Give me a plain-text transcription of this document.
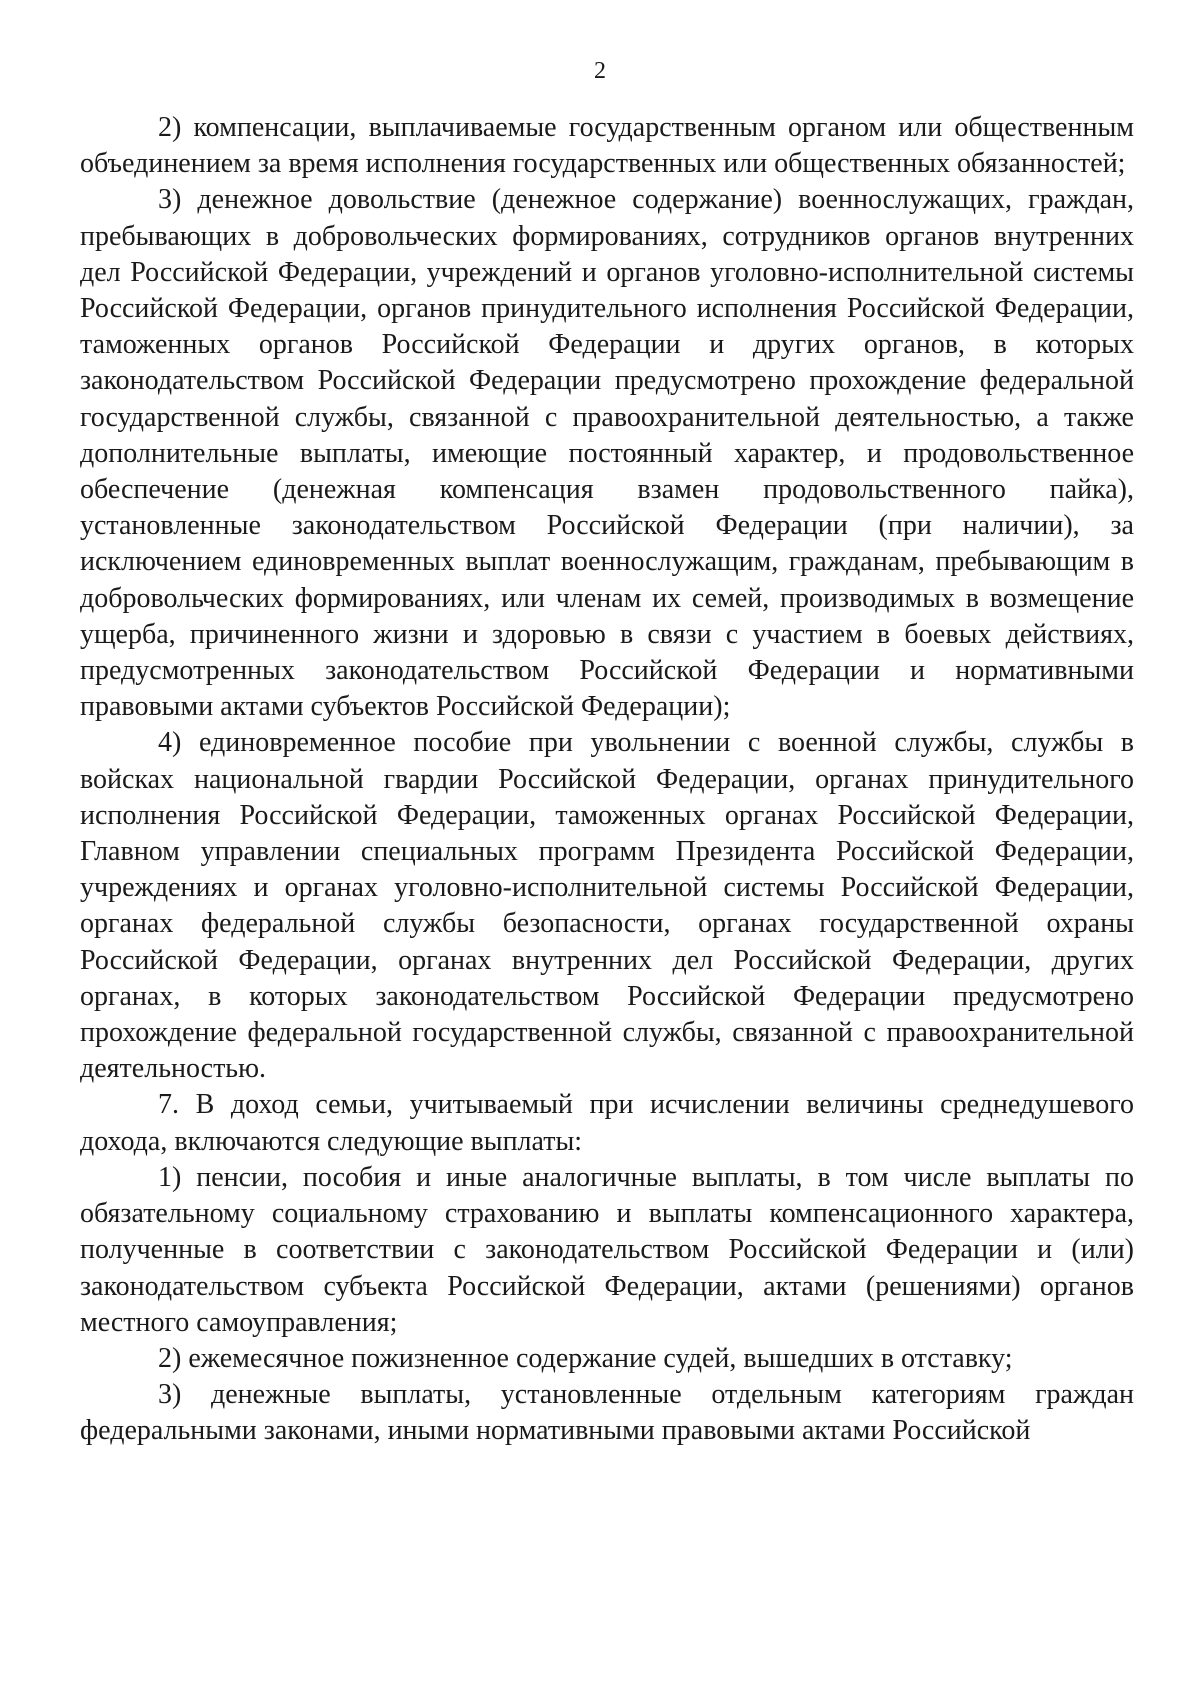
2

2) компенсации, выплачиваемые государственным органом или общественным объединением за время исполнения государственных или общественных обязанностей;

3) денежное довольствие (денежное содержание) военнослужащих, граждан, пребывающих в добровольческих формированиях, сотрудников органов внутренних дел Российской Федерации, учреждений и органов уголовно-исполнительной системы Российской Федерации, органов принудительного исполнения Российской Федерации, таможенных органов Российской Федерации и других органов, в которых законодательством Российской Федерации предусмотрено прохождение федеральной государственной службы, связанной с правоохранительной деятельностью, а также дополнительные выплаты, имеющие постоянный характер, и продовольственное обеспечение (денежная компенсация взамен продовольственного пайка), установленные законодательством Российской Федерации (при наличии), за исключением единовременных выплат военнослужащим, гражданам, пребывающим в добровольческих формированиях, или членам их семей, производимых в возмещение ущерба, причиненного жизни и здоровью в связи с участием в боевых действиях, предусмотренных законодательством Российской Федерации и нормативными правовыми актами субъектов Российской Федерации);

4) единовременное пособие при увольнении с военной службы, службы в войсках национальной гвардии Российской Федерации, органах принудительного исполнения Российской Федерации, таможенных органах Российской Федерации, Главном управлении специальных программ Президента Российской Федерации, учреждениях и органах уголовно-исполнительной системы Российской Федерации, органах федеральной службы безопасности, органах государственной охраны Российской Федерации, органах внутренних дел Российской Федерации, других органах, в которых законодательством Российской Федерации предусмотрено прохождение федеральной государственной службы, связанной с правоохранительной деятельностью.

7. В доход семьи, учитываемый при исчислении величины среднедушевого дохода, включаются следующие выплаты:

1) пенсии, пособия и иные аналогичные выплаты, в том числе выплаты по обязательному социальному страхованию и выплаты компенсационного характера, полученные в соответствии с законодательством Российской Федерации и (или) законодательством субъекта Российской Федерации, актами (решениями) органов местного самоуправления;

2) ежемесячное пожизненное содержание судей, вышедших в отставку;

3) денежные выплаты, установленные отдельным категориям граждан федеральными законами, иными нормативными правовыми актами Российской
